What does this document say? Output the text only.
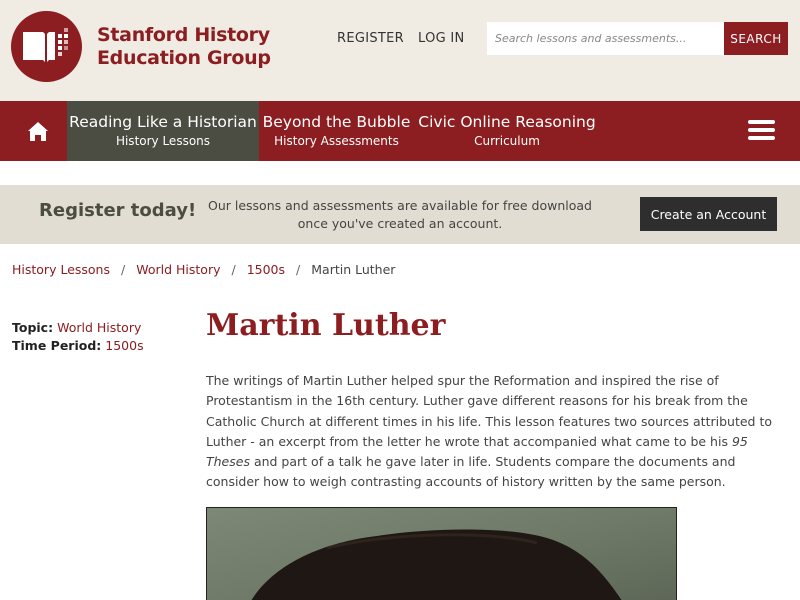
Stanford History
Education Group
REGISTER LOG IN
Search lessons and assessments...	SEARCH
Reading Like a Historian
History Lessons
Beyond the Bubble
History Assessments
Civic Online Reasoning
Curriculum
Register today! Our lessons and assessments are available for free download
once you've created an account.
Create an Account
History Lessons / World History / 1500s / Martin Luther
Topic: World History
Time Period: 1500s
Martin Luther

The writings of Martin Luther helped spur the Reformation and inspired the rise of Protestantism in the 16th century. Luther gave different reasons for his break from the Catholic Church at different times in his life. This lesson features two sources attributed to Luther - an excerpt from the letter he wrote that accompanied what came to be his 95 Theses and part of a talk he gave later in life. Students compare the documents and consider how to weigh contrasting accounts of history written by the same person.
